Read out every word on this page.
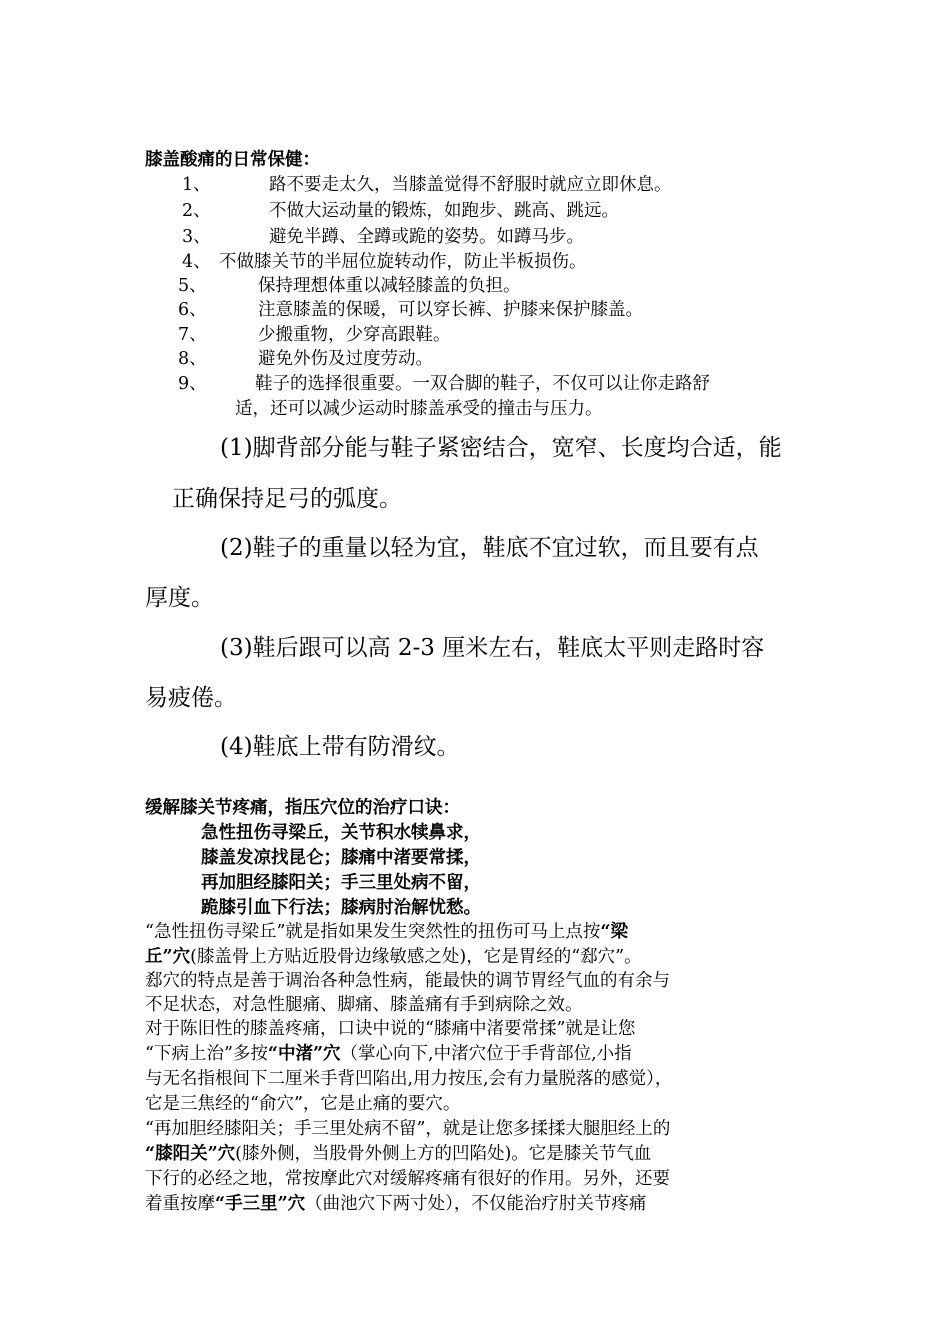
膝盖酸痛的日常保健：
1、	路不要走太久，当膝盖觉得不舒服时就应立即休息。
2、	不做大运动量的锻炼，如跑步、跳高、跳远。
3、	避免半蹲、全蹲或跪的姿势。如蹲马步。
4、 不做膝关节的半屈位旋转动作，防止半板损伤。
5、	保持理想体重以减轻膝盖的负担。
6、	注意膝盖的保暖，可以穿长裤、护膝来保护膝盖。
7、	少搬重物，少穿高跟鞋。
8、	避免外伤及过度劳动。
9、	鞋子的选择很重要。一双合脚的鞋子，不仅可以让你走路舒
适，还可以减少运动时膝盖承受的撞击与压力。
(1)脚背部分能与鞋子紧密结合，宽窄、长度均合适，能
正确保持足弓的弧度。
(2)鞋子的重量以轻为宜，鞋底不宜过软，而且要有点
厚度。
(3)鞋后跟可以高 2-3 厘米左右，鞋底太平则走路时容
易疲倦。
(4)鞋底上带有防滑纹。
缓解膝关节疼痛，指压穴位的治疗口诀：
急性扭伤寻梁丘，关节积水犊鼻求，
膝盖发凉找昆仑；膝痛中渚要常揉，
再加胆经膝阳关；手三里处病不留，
跪膝引血下行法；膝病肘治解忧愁。
“急性扭伤寻梁丘”就是指如果发生突然性的扭伤可马上点按“梁
丘”穴(膝盖骨上方贴近股骨边缘敏感之处)，它是胃经的“郄穴”。
郄穴的特点是善于调治各种急性病，能最快的调节胃经气血的有余与
不足状态，对急性腿痛、脚痛、膝盖痛有手到病除之效。
对于陈旧性的膝盖疼痛，口诀中说的“膝痛中渚要常揉”就是让您
“下病上治”多按“中渚”穴（掌心向下,中渚穴位于手背部位,小指
与无名指根间下二厘米手背凹陷出,用力按压,会有力量脱落的感觉），
它是三焦经的“俞穴”，它是止痛的要穴。
“再加胆经膝阳关；手三里处病不留”，就是让您多揉揉大腿胆经上的
“膝阳关”穴(膝外侧，当股骨外侧上方的凹陷处)。它是膝关节气血
下行的必经之地，常按摩此穴对缓解疼痛有很好的作用。另外，还要
着重按摩“手三里”穴（曲池穴下两寸处），不仅能治疗肘关节疼痛
